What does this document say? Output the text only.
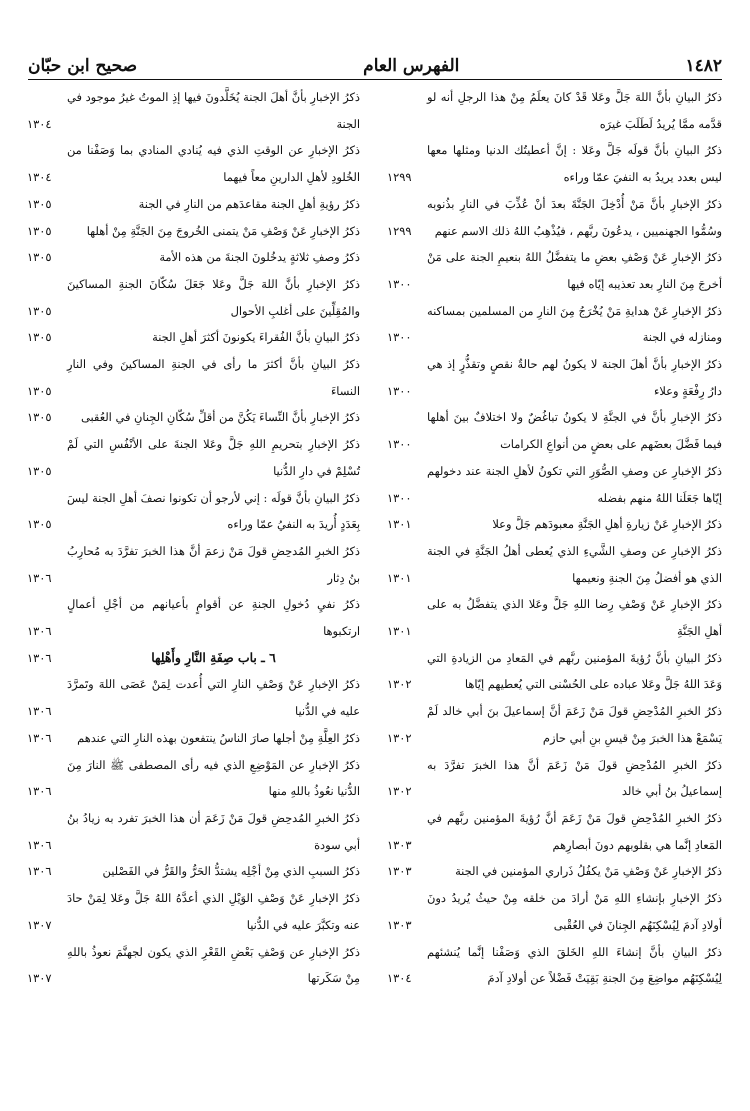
١٤٨٢
الفهرس العام
صحيح ابن حبّان
ذكرُ البيانِ بأنَّ اللهَ جَلَّ وعَلا قَدْ كانَ يعلَمُ مِنْ هذا الرجلِ أنه لو قدَّمه ممَّا يُريدُ لَطَلَبَ غيرَه
ذكرُ البيانِ بأنَّ قولَه جَلَّ وعَلا : إنَّ أعطيتُك الدنيا ومثلها معها ليس بعدد يريدُ به النفيَ عمّا وراءه
١٢٩٩
ذكرُ الإخبارِ بأنَّ مَنْ أُدْخِلَ الجَنَّةَ بعدَ أنْ عُذِّبَ في النارِ بذُنوبه وسُمُّوا الجهنميين ، يدعُونَ ربَّهم ، فيُذْهِبُ اللهُ ذلك الاسم عنهم
١٢٩٩
ذكرُ الإخبارِ عَنْ وَصْفِ بعضِ ما يتفضَّلُ اللهُ بنعيمِ الجنة على مَنْ أخرجَ مِنَ النارِ بعد تعذيبه إيّاه فيها
١٣٠٠
ذكرُ الإخبارِ عَنْ هدايةِ مَنْ يُخْرَجُ مِنَ النارِ من المسلمين بمساكنه ومنازله في الجنة
١٣٠٠
ذكرُ الإخبارِ بأنَّ أهلَ الجنة لا يكونُ لهم حالةٌ نقصٍ وتقذُّرٍ إذ هي دارُ رِفْعَةٍ وعلاء
١٣٠٠
ذكرُ الإخبارِ بأنَّ في الجنَّةِ لا يكونُ تباغُضٌ ولا اختلافٌ بينَ أهلها فيما فَضَّلَ بعضَهم على بعضٍ من أنواعِ الكرامات
١٣٠٠
ذكرُ الإخبارِ عن وصفِ الصُّوَرِ التي تكونُ لأهلِ الجنة عند دخولهم إيّاها جَعَلَنا اللهُ منهم بفضله
١٣٠٠
ذكرُ الإخبارِ عَنْ زيارةِ أهلِ الجَنَّةِ معبودَهم جَلَّ وعلا
١٣٠١
ذكرُ الإخبارِ عن وصفِ الشَّيءِ الذي يُعطى أهلُ الجَنَّةِ في الجنة الذي هو أفضلُ مِنَ الجنةِ ونعيمها
١٣٠١
ذكرُ الإخبارِ عَنْ وَصْفِ رِضا اللهِ جَلَّ وعَلا الذي يتفضَّلُ به على أهلِ الجَنَّةِ
١٣٠١
ذكرُ البيانِ بأنَّ رُؤيةَ المؤمنين ربَّهم في المَعادِ من الزيادةِ التي وَعَدَ اللهُ جَلَّ وعَلا عباده على الحُسْنى التي يُعطيهم إيّاها
١٣٠٢
ذكرُ الخبرِ المُدْحِضِ قولَ مَنْ زَعَمَ أنَّ إسماعيلَ بنَ أبي خالد لَمْ يَسْمَعْ هذا الخبرَ مِنْ قيسِ بنِ أبي حازم
١٣٠٢
ذكرُ الخبرِ المُدْحِضِ قولَ مَنْ زَعَمَ أنَّ هذا الخبرَ تفرَّدَ به إسماعيلُ بنُ أبي خالد
١٣٠٢
ذكرُ الخبرِ المُدْحِضِ قولَ مَنْ زَعَمَ أنَّ رُؤيةَ المؤمنين ربَّهم في المَعادِ إنَّما هي بقلوبهم دونَ أبصارِهم
١٣٠٣
ذكرُ الإخبارِ عَنْ وَصْفِ مَنْ يكفُلُ ذَراري المؤمنين في الجنة
١٣٠٣
ذكرُ الإخبارِ بإنشاءِ اللهِ مَنْ أرادَ من خلقه مِنْ حيثُ يُريدُ دونَ أولادِ آدمَ لِيُسْكِنَهُم الجِنانَ في العُقْبى
١٣٠٣
ذكرُ البيانِ بأنَّ إنشاءَ اللهِ الخَلقَ الذي وَصَفْنا إنَّما يُنشئهم لِيُسْكِنَهُم مواضِعَ مِنَ الجنةِ بَقِيَتْ فَضْلاً عن أولادِ آدمَ
١٣٠٤
ذكرُ الإخبارِ بأنَّ أهلَ الجنة يُخَلَّدونَ فيها إذِ الموتُ غيرُ موجود في الجنة
١٣٠٤
ذكرُ الإخبارِ عن الوقتِ الذي فيه يُنادي المنادي بما وَصَفْنا من الخُلودِ لأهلِ الدارينِ معاً فيهما
١٣٠٤
ذكرُ رؤيةِ أهلِ الجنة مقاعدَهم من النارِ في الجنة
١٣٠٥
ذكرُ الإخبارِ عَنْ وَصْفِ مَنْ يتمنى الخُروجَ مِنَ الجَنَّةِ مِنْ أهلها
١٣٠٥
ذكرُ وصفِ ثلاثةٍ يدخُلونَ الجنةَ من هذه الأمة
١٣٠٥
ذكرُ الإخبارِ بأنَّ اللهَ جَلَّ وعَلا جَعَلَ سُكّانَ الجنةِ المساكينَ والمُقِلِّينَ على أغلبِ الأحوال
١٣٠٥
ذكرُ البيانِ بأنَّ الفُقراءَ يكونونَ أكثرَ أهلِ الجنة
١٣٠٥
ذكرُ البيانِ بأنَّ أكثرَ ما رأى في الجنةِ المساكينَ وفي النارِ النساءَ
١٣٠٥
ذكرُ الإخبارِ بأنَّ النِّساءَ يَكُنَّ من أقلِّ سُكّانِ الجِنانِ في العُقبى
١٣٠٥
ذكرُ الإخبارِ بتحريمِ اللهِ جَلَّ وعَلا الجنةَ على الأنْفُسِ التي لَمْ تُسْلِمْ في دارِ الدُّنيا
١٣٠٥
ذكرُ البيانِ بأنَّ قولَه : إني لأرجو أن تكونوا نصفَ أهلِ الجنة ليسَ بِعَدَدٍ أُريدَ به النفيُ عمّا وراءه
١٣٠٥
ذكرُ الخبرِ المُدحِضِ قولَ مَنْ زعمَ أنَّ هذا الخبرَ تفرَّدَ به مُحارِبُ بنُ دِثار
١٣٠٦
ذكرُ نفيِ دُخولِ الجنةِ عن أقوامٍ بأعيانهم من أجْلِ أعمالٍ ارتكبوها
١٣٠٦
٦ ـ باب صِفَةِ النَّارِ وأَهْلِها
١٣٠٦
ذكرُ الإخبارِ عَنْ وَصْفِ النارِ التي أُعدت لِمَنْ عَصَى اللهَ وتَمرَّدَ عليه في الدُّنيا
١٣٠٦
ذكرُ العِلَّةِ مِنْ أجلها صارَ الناسُ ينتفعون بهذه النارِ التي عندهم
١٣٠٦
ذكرُ الإخبارِ عن المَوْضِعِ الذي فيه رأى المصطفى ﷺ النارَ مِنَ الدُّنيا نعُوذُ باللهِ منها
١٣٠٦
ذكرُ الخبرِ المُدحِضِ قولَ مَنْ زَعَمَ أن هذا الخبرَ تفرد به زيادُ بنُ أبي سودة
١٣٠٦
ذكرُ السببِ الذي مِنْ أجْلِه يشتدُّ الحَرُّ والقَرُّ في الفَصْلين
١٣٠٦
ذكرُ الإخبارِ عَنْ وَصْفِ الوَيْلِ الذي أعدَّهُ اللهُ جَلَّ وعَلا لِمَنْ حادَ عنه وتكبَّرَ عليه في الدُّنيا
١٣٠٧
ذكرُ الإخبارِ عن وَصْفِ بَعْضِ القَعْرِ الذي يكون لجهنَّمَ نعوذُ باللهِ مِنْ سَكَرتها
١٣٠٧
